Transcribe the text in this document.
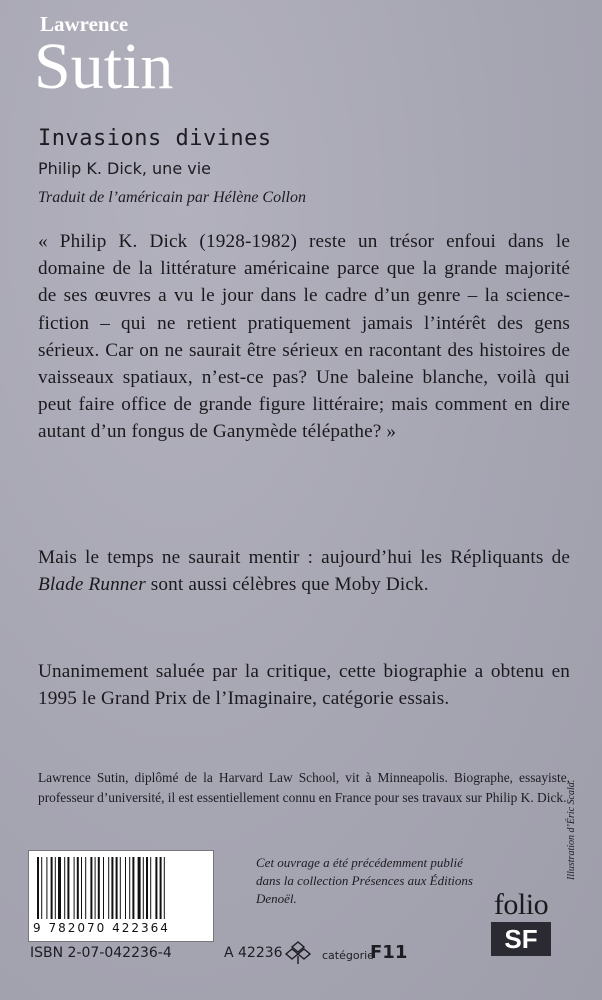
Lawrence
Sutin
Invasions divines
Philip K. Dick, une vie
Traduit de l’américain par Hélène Collon

« Philip K. Dick (1928-1982) reste un trésor enfoui dans le domaine de la littérature américaine parce que la grande majorité de ses œuvres a vu le jour dans le cadre d’un genre – la science-fiction – qui ne retient pratiquement jamais l’intérêt des gens sérieux. Car on ne saurait être sérieux en racontant des histoires de vaisseaux spatiaux, n’est-ce pas? Une baleine blanche, voilà qui peut faire office de grande figure littéraire; mais comment en dire autant d’un fongus de Ganymède télépathe? »

Mais le temps ne saurait mentir : aujourd’hui les Répliquants de Blade Runner sont aussi célèbres que Moby Dick.

Unanimement saluée par la critique, cette biographie a obtenu en 1995 le Grand Prix de l’Imaginaire, catégorie essais.

Lawrence Sutin, diplômé de la Harvard Law School, vit à Minneapolis. Biographe, essayiste, professeur d’université, il est essentiellement connu en France pour ses travaux sur Philip K. Dick. Illustration d’Éric Scala.
9 782070 422364

Cet ouvrage a été précédemment publié dans la collection Présences aux Éditions Denoël.

ISBN 2-07-042236-4	A 42236	catégorie
F11
folio
SF
